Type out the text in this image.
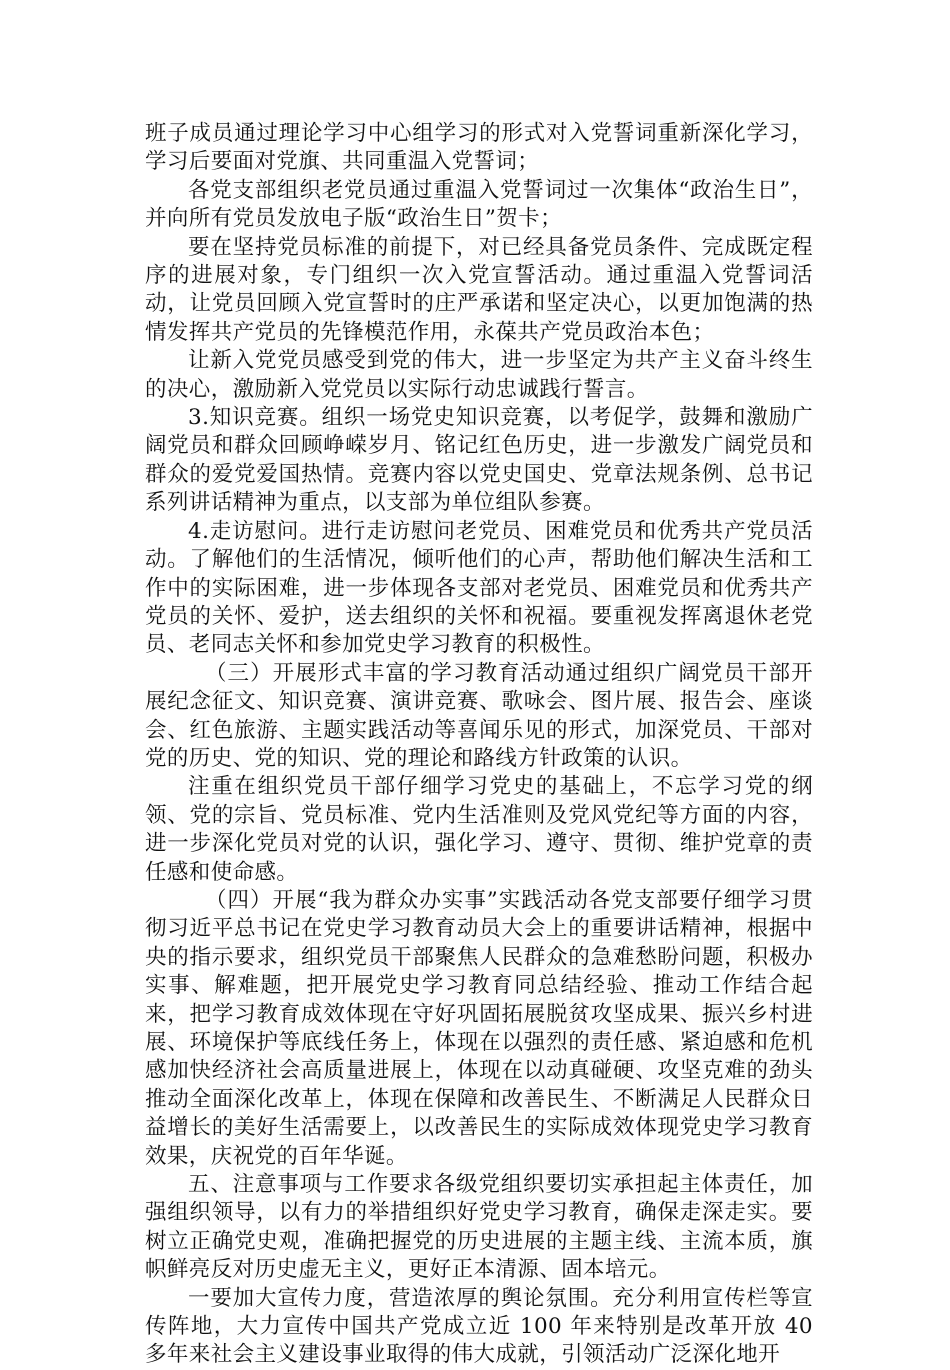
班子成员通过理论学习中心组学习的形式对入党誓词重新深化学习，学习后要面对党旗、共同重温入党誓词；

各党支部组织老党员通过重温入党誓词过一次集体“政治生日”，并向所有党员发放电子版“政治生日”贺卡；

要在坚持党员标准的前提下，对已经具备党员条件、完成既定程序的进展对象，专门组织一次入党宣誓活动。通过重温入党誓词活动，让党员回顾入党宣誓时的庄严承诺和坚定决心，以更加饱满的热情发挥共产党员的先锋模范作用，永葆共产党员政治本色；

让新入党党员感受到党的伟大，进一步坚定为共产主义奋斗终生的决心，激励新入党党员以实际行动忠诚践行誓言。

3.知识竞赛。组织一场党史知识竞赛，以考促学，鼓舞和激励广阔党员和群众回顾峥嵘岁月、铭记红色历史，进一步激发广阔党员和群众的爱党爱国热情。竞赛内容以党史国史、党章法规条例、总书记系列讲话精神为重点，以支部为单位组队参赛。

4.走访慰问。进行走访慰问老党员、困难党员和优秀共产党员活动。了解他们的生活情况，倾听他们的心声，帮助他们解决生活和工作中的实际困难，进一步体现各支部对老党员、困难党员和优秀共产党员的关怀、爱护，送去组织的关怀和祝福。要重视发挥离退休老党员、老同志关怀和参加党史学习教育的积极性。

（三）开展形式丰富的学习教育活动通过组织广阔党员干部开展纪念征文、知识竞赛、演讲竞赛、歌咏会、图片展、报告会、座谈会、红色旅游、主题实践活动等喜闻乐见的形式，加深党员、干部对党的历史、党的知识、党的理论和路线方针政策的认识。

注重在组织党员干部仔细学习党史的基础上，不忘学习党的纲领、党的宗旨、党员标准、党内生活准则及党风党纪等方面的内容，进一步深化党员对党的认识，强化学习、遵守、贯彻、维护党章的责任感和使命感。

（四）开展“我为群众办实事”实践活动各党支部要仔细学习贯彻习近平总书记在党史学习教育动员大会上的重要讲话精神，根据中央的指示要求，组织党员干部聚焦人民群众的急难愁盼问题，积极办实事、解难题，把开展党史学习教育同总结经验、推动工作结合起来，把学习教育成效体现在守好巩固拓展脱贫攻坚成果、振兴乡村进展、环境保护等底线任务上，体现在以强烈的责任感、紧迫感和危机感加快经济社会高质量进展上，体现在以动真碰硬、攻坚克难的劲头推动全面深化改革上，体现在保障和改善民生、不断满足人民群众日益增长的美好生活需要上，以改善民生的实际成效体现党史学习教育效果，庆祝党的百年华诞。

五、注意事项与工作要求各级党组织要切实承担起主体责任，加强组织领导，以有力的举措组织好党史学习教育，确保走深走实。要树立正确党史观，准确把握党的历史进展的主题主线、主流本质，旗帜鲜亮反对历史虚无主义，更好正本清源、固本培元。

一要加大宣传力度，营造浓厚的舆论氛围。充分利用宣传栏等宣传阵地，大力宣传中国共产党成立近 100 年来特别是改革开放 40 多年来社会主义建设事业取得的伟大成就，引领活动广泛深化地开
